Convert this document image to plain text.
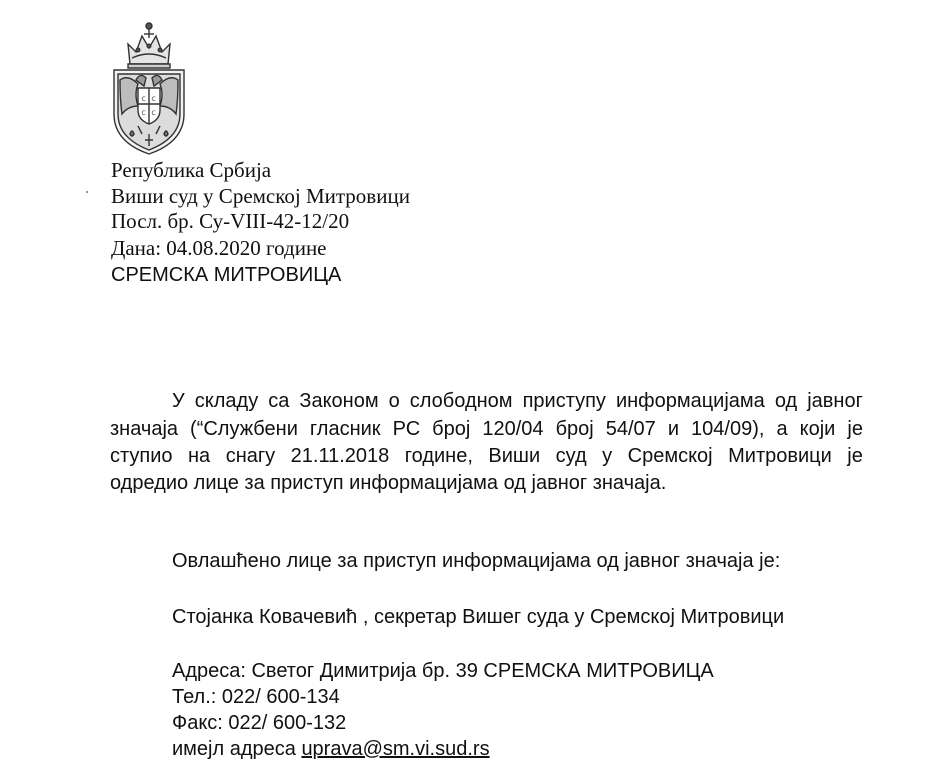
С С
С С
Република Србија
Виши суд у Сремској Митровици
Посл. бр. Су-VIII-42-12/20
Дана: 04.08.2020 године
СРЕМСКА МИТРОВИЦА
У складу са Законом о слободном приступу информацијама од јавног
значаја (“Службени гласник РС број 120/04 број 54/07 и 104/09), а који је
ступио на снагу 21.11.2018 године, Виши суд у Сремској Митровици је
одредио лице за приступ информацијама од јавног значаја.
Овлашћено лице за приступ информацијама од јавног значаја је:
Стојанка Ковачевић , секретар Вишег суда у Сремској Митровици
Адреса: Светог Димитрија бр. 39 СРЕМСКА МИТРОВИЦА
Тел.: 022/ 600-134
Факс: 022/ 600-132
имејл адреса uprava@sm.vi.sud.rs
